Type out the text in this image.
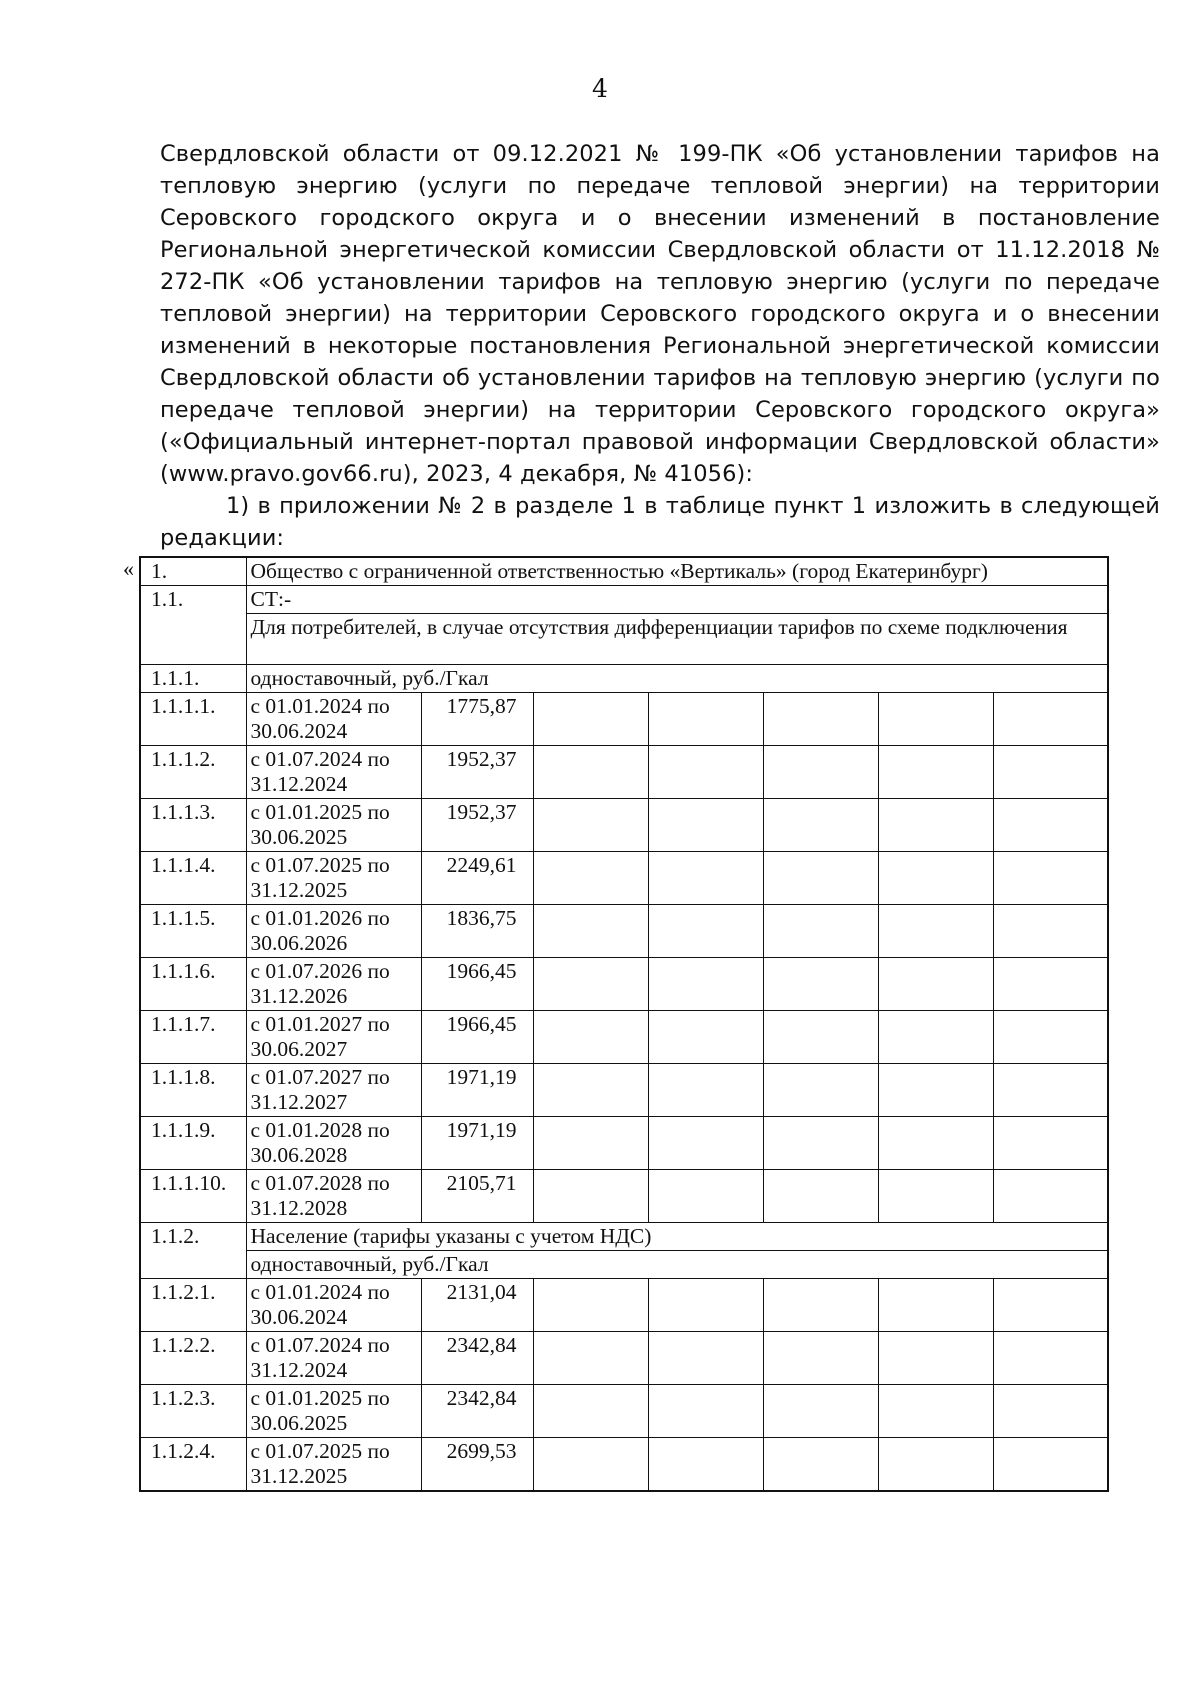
4

Свердловской области от 09.12.2021 № 199-ПК «Об установлении тарифов на тепловую энергию (услуги по передаче тепловой энергии) на территории Серовского городского округа и о внесении изменений в постановление Региональной энергетической комиссии Свердловской области от 11.12.2018 № 272-ПК «Об установлении тарифов на тепловую энергию (услуги по передаче тепловой энергии) на территории Серовского городского округа и о внесении изменений в некоторые постановления Региональной энергетической комиссии Свердловской области об установлении тарифов на тепловую энергию (услуги по передаче тепловой энергии) на территории Серовского городского округа» («Официальный интернет-портал правовой информации Свердловской области» (www.pravo.gov66.ru), 2023, 4 декабря, № 41056):

1) в приложении № 2 в разделе 1 в таблице пункт 1 изложить в следующей редакции:

« 1.	Общество с ограниченной ответственностью «Вертикаль» (город Екатеринбург)						
1.1.	СТ:-						
	Для потребителей, в случае отсутствия дифференциации тарифов по схеме подключения						
1.1.1.	одноставочный, руб./Гкал						
1.1.1.1.	с 01.01.2024 по 30.06.2024	1775,87					
1.1.1.2.	с 01.07.2024 по 31.12.2024	1952,37					
1.1.1.3.	с 01.01.2025 по 30.06.2025	1952,37					
1.1.1.4.	с 01.07.2025 по 31.12.2025	2249,61					
1.1.1.5.	с 01.01.2026 по 30.06.2026	1836,75					
1.1.1.6.	с 01.07.2026 по 31.12.2026	1966,45					
1.1.1.7.	с 01.01.2027 по 30.06.2027	1966,45					
1.1.1.8.	с 01.07.2027 по 31.12.2027	1971,19					
1.1.1.9.	с 01.01.2028 по 30.06.2028	1971,19					
1.1.1.10.	с 01.07.2028 по 31.12.2028	2105,71					
1.1.2.	Население (тарифы указаны с учетом НДС)						
	одноставочный, руб./Гкал						
1.1.2.1.	с 01.01.2024 по 30.06.2024	2131,04					
1.1.2.2.	с 01.07.2024 по 31.12.2024	2342,84					
1.1.2.3.	с 01.01.2025 по 30.06.2025	2342,84					
1.1.2.4.	с 01.07.2025 по 31.12.2025	2699,53					
